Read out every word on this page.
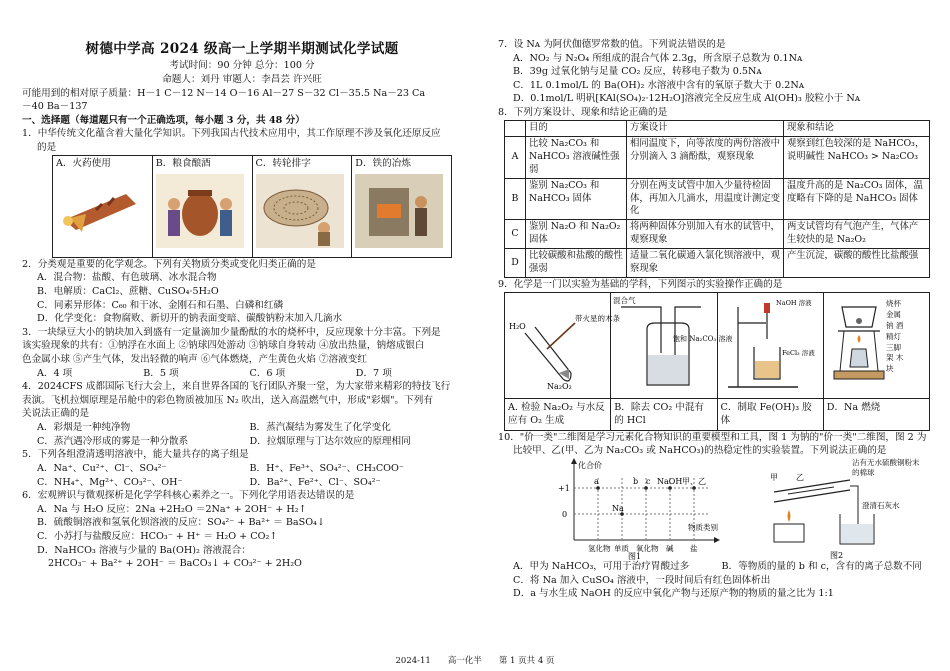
树德中学高 2024 级高一上学期半期测试化学试题
考试时间：90 分钟 总分：100 分
命题人：刘丹 审题人：李昌芸 许兴旺
可能用到的相对原子质量：H－1 C－12 N－14 O－16 Al－27 S－32 Cl－35.5 Na－23 Ca
－40 Ba－137
一、选择题（每道题只有一个正确选项，每小题 3 分，共 48 分）
1．中华传统文化蕴含着大量化学知识。下列我国古代技术应用中，其工作原理不涉及氧化还原反应
的是
A．火药使用	B．粮食酿酒	C．转轮排字	D．铁的冶炼
2．分类观是重要的化学观念。下列有关物质分类或变化归类正确的是
A．混合物：盐酸、有色玻璃、冰水混合物
B．电解质：CaCl₂、蔗糖、CuSO₄·5H₂O
C．同素异形体：C₆₀ 和干冰、金刚石和石墨、白磷和红磷
D．化学变化：食物腐败、新切开的钠表面变暗、碳酸钠粉末加入几滴水
3．一块绿豆大小的钠块加入到盛有一定量滴加少量酚酞的水的烧杯中，反应现象十分丰富。下列是
该实验现象的共有：①钠浮在水面上 ②钠球四处游动 ③钠球自身转动 ④放出热量，钠熔成银白
色金属小球 ⑤产生气体，发出轻微的响声 ⑥气体燃烧，产生黄色火焰 ⑦溶液变红
A．4 项	B．5 项	C．6 项	D．7 项
4．2024CFS 成都国际飞行大会上，来自世界各国的飞行团队齐聚一堂，为大家带来精彩的特技飞行
表演。飞机拉烟原理是吊舱中的彩色物质被加压 N₂ 吹出，送入高温燃气中，形成"彩烟"。下列有
关说法正确的是
A．彩烟是一种纯净物	B．蒸汽凝结为雾发生了化学变化
C．蒸汽遇冷形成的雾是一种分散系	D．拉烟原理与丁达尔效应的原理相同
5．下列各组澄清透明溶液中，能大量共存的离子组是
A．Na⁺、Cu²⁺、Cl⁻、SO₄²⁻	B．H⁺、Fe³⁺、SO₄²⁻、CH₃COO⁻
C．NH₄⁺、Mg²⁺、CO₃²⁻、OH⁻	D．Ba²⁺、Fe²⁺、Cl⁻、SO₄²⁻
6．宏观辨识与微观探析是化学学科核心素养之一。下列化学用语表达错误的是
A．Na 与 H₂O 反应：2Na +2H₂O ＝2Na⁺ + 2OH⁻ + H₂↑
B．硫酸铜溶液和氢氧化钡溶液的反应：SO₄²⁻ + Ba²⁺ ＝ BaSO₄↓
C．小苏打与盐酸反应：HCO₃⁻ + H⁺ ＝ H₂O + CO₂↑
D．NaHCO₃ 溶液与少量的 Ba(OH)₂ 溶液混合：
2HCO₃⁻ + Ba²⁺ + 2OH⁻ ＝ BaCO₃↓ + CO₃²⁻ + 2H₂O
7．设 Nᴀ 为阿伏伽德罗常数的值。下列说法错误的是
A．NO₂ 与 N₂O₄ 所组成的混合气体 2.3g，所含原子总数为 0.1Nᴀ
B．39g 过氧化钠与足量 CO₂ 反应，转移电子数为 0.5Nᴀ
C．1L 0.1mol/L 的 Ba(OH)₂ 水溶液中含有的氧原子数大于 0.2Nᴀ
D．0.1mol/L 明矾[KAl(SO₄)₂·12H₂O]溶液完全反应生成 Al(OH)₃ 胶粒小于 Nᴀ
8．下列方案设计、现象和结论正确的是
	目的	方案设计	现象和结论
A	比较 Na₂CO₃ 和 NaHCO₃ 溶液碱性强弱	相同温度下，向等浓度的两份溶液中分别滴入 3 滴酚酞，观察现象	观察到红色较深的是 NaHCO₃，说明碱性 NaHCO₃ > Na₂CO₃
B	鉴别 Na₂CO₃ 和 NaHCO₃ 固体	分别在两支试管中加入少量待检固体，再加入几滴水，用温度计测定变化	温度升高的是 Na₂CO₃ 固体，温度略有下降的是 NaHCO₃ 固体
C	鉴别 Na₂O 和 Na₂O₂ 固体	将两种固体分别加入有水的试管中，观察现象	两支试管均有气泡产生，气体产生较快的是 Na₂O₂
D	比较碳酸和盐酸的酸性强弱	适量二氧化碳通入氯化钡溶液中，观察现象	产生沉淀，碳酸的酸性比盐酸强
9．化学是一门以实验为基础的学科，下列图示的实验操作正确的是
H₂O
带火星的木条
Na₂O₂	混合气
饱和 Na₂CO₃ 溶液	NaOH 溶液
FeCl₃ 溶液	烧杯 金属钠 酒精灯 三脚架 木块

A. 检验 Na₂O₂ 与水反应有 O₂ 生成	B．除去 CO₂ 中混有的 HCl	C．制取 Fe(OH)₃ 胶体	D．Na 燃烧
10．"价一类"二维图是学习元素化合物知识的重要模型和工具，图 1 为钠的"价一类"二维图，图 2 为
比较甲、乙(甲、乙为 Na₂CO₃ 或 NaHCO₃)的热稳定性的实验装置。下列说法正确的是
化合价
+1
0
a	b c NaOH 甲、乙
Na
氢化物 单质 氧化物 碱 盐
物质类别
图1
甲 乙
沾有无水硫酸铜粉末的棉球
澄清石灰水
图2
A．甲为 NaHCO₃，可用于治疗胃酸过多	B．等物质的量的 b 和 c，含有的离子总数不同
C．将 Na 加入 CuSO₄ 溶液中，一段时间后有红色固体析出
D．a 与水生成 NaOH 的反应中氧化产物与还原产物的物质的量之比为 1:1
2024-11　　高一化半　　第 1 页共 4 页
